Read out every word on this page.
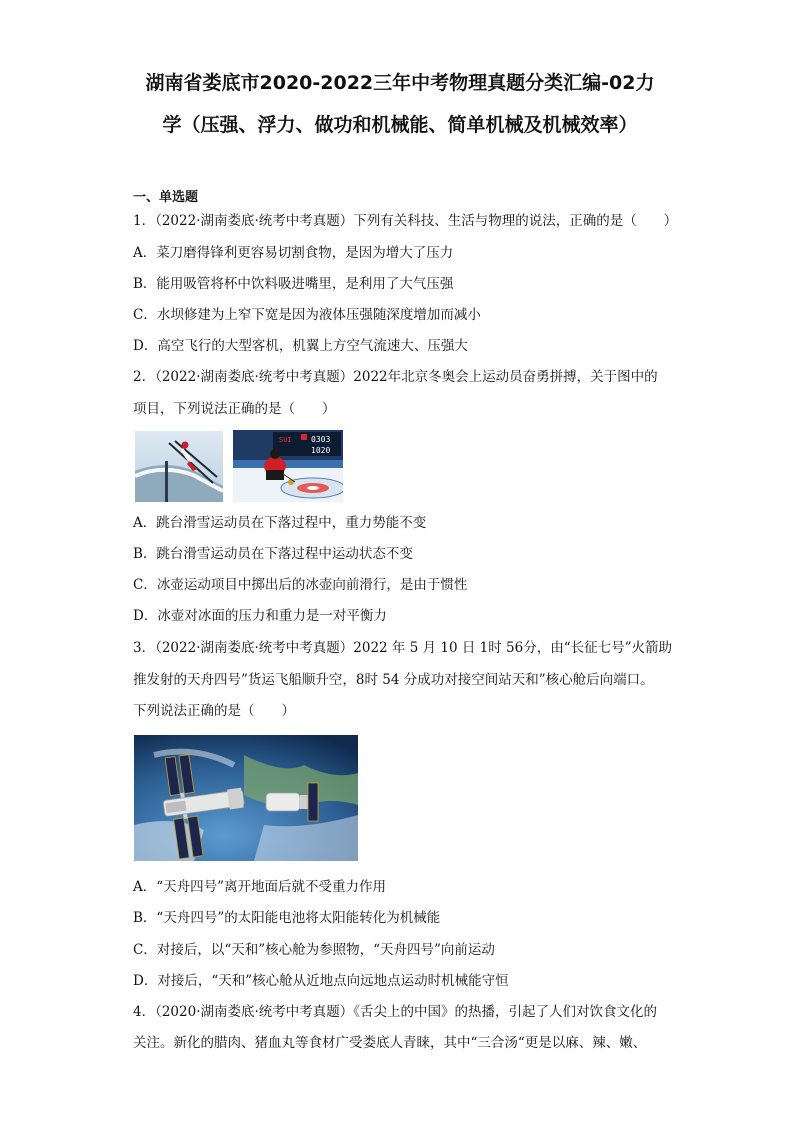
湖南省娄底市2020-2022三年中考物理真题分类汇编-02力
学（压强、浮力、做功和机械能、简单机械及机械效率）
一、单选题
1．（2022·湖南娄底·统考中考真题）下列有关科技、生活与物理的说法，正确的是（　　）
A．菜刀磨得锋利更容易切割食物，是因为增大了压力
B．能用吸管将杯中饮料吸进嘴里，是利用了大气压强
C．水坝修建为上窄下宽是因为液体压强随深度增加而减小
D．高空飞行的大型客机，机翼上方空气流速大、压强大
2．（2022·湖南娄底·统考中考真题）2022年北京冬奥会上运动员奋勇拼搏，关于图中的
项目，下列说法正确的是（　　）
SUI 0303
1020
A．跳台滑雪运动员在下落过程中，重力势能不变
B．跳台滑雪运动员在下落过程中运动状态不变
C．冰壶运动项目中掷出后的冰壶向前滑行，是由于惯性
D．冰壶对冰面的压力和重力是一对平衡力
3．（2022·湖南娄底·统考中考真题）2022 年 5 月 10 日 1时 56分，由“长征七号”火箭助
推发射的天舟四号”货运飞船顺升空，8时 54 分成功对接空间站天和”核心舱后向端口。
下列说法正确的是（　　）
A．“天舟四号”离开地面后就不受重力作用
B．“天舟四号”的太阳能电池将太阳能转化为机械能
C．对接后，以“天和”核心舱为参照物，“天舟四号”向前运动
D．对接后，“天和”核心舱从近地点向远地点运动时机械能守恒
4．（2020·湖南娄底·统考中考真题）《舌尖上的中国》的热播，引起了人们对饮食文化的
关注。新化的腊肉、猪血丸等食材广受娄底人青睐，其中“三合汤“更是以麻、辣、嫩、
